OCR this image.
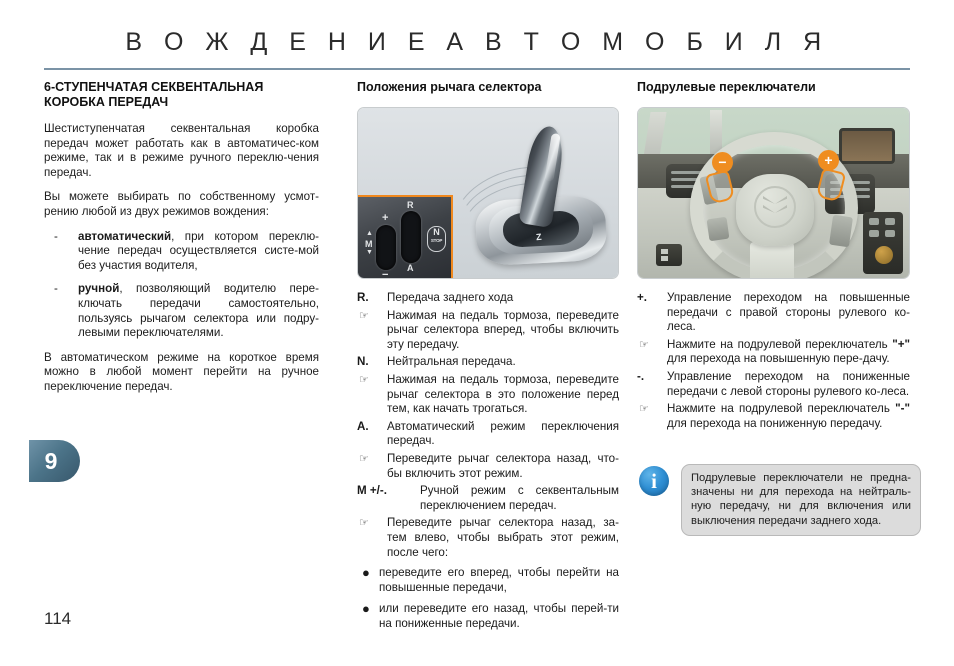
В О Ж Д Е Н И Е А В Т О М О Б И Л Я
6-СТУПЕНЧАТАЯ СЕКВЕНТАЛЬНАЯ КОРОБКА ПЕРЕДАЧ

Шестиступенчатая секвентальная коробка передач может работать как в автоматичес-ком режиме, так и в режиме ручного переклю-чения передач.

Вы можете выбирать по собственному усмот-рению любой из двух режимов вождения:

- автоматический, при котором переклю-чение передач осуществляется систе-мой без участия водителя,
- ручной, позволяющий водителю пере-ключать передачи самостоятельно, пользуясь рычагом селектора или подру-левыми переключателями.

В автоматическом режиме на короткое время можно в любой момент перейти на ручное переключение передач.

Положения рычага селектора
Z
R
A
+
−
▲
M
▼
N
STOP
R. Передача заднего хода
☞ Нажимая на педаль тормоза, переведите рычаг селектора вперед, чтобы включить эту передачу.
N. Нейтральная передача.
☞ Нажимая на педаль тормоза, переведите рычаг селектора в это положение перед тем, как начать трогаться.
A. Автоматический режим переключения передач.
☞ Переведите рычаг селектора назад, что-бы включить этот режим.
M +/-.	Ручной режим с секвентальным переключением передач.
☞ Переведите рычаг селектора назад, за-тем влево, чтобы выбрать этот режим, после чего:
● переведите его вперед, чтобы перейти на повышенные передачи,
● или переведите его назад, чтобы перей-ти на пониженные передачи.
Подрулевые переключатели
−	+
+. Управление переходом на повышенные передачи с правой стороны рулевого ко-леса.
☞ Нажмите на подрулевой переключатель "+" для перехода на повышенную пере-дачу.
-. Управление переходом на пониженные передачи с левой стороны рулевого ко-леса.
☞ Нажмите на подрулевой переключатель "-" для перехода на пониженную передачу.
i	Подрулевые переключатели не предна-значены ни для перехода на нейтраль-ную передачу, ни для включения или выключения передачи заднего хода.

9
114
